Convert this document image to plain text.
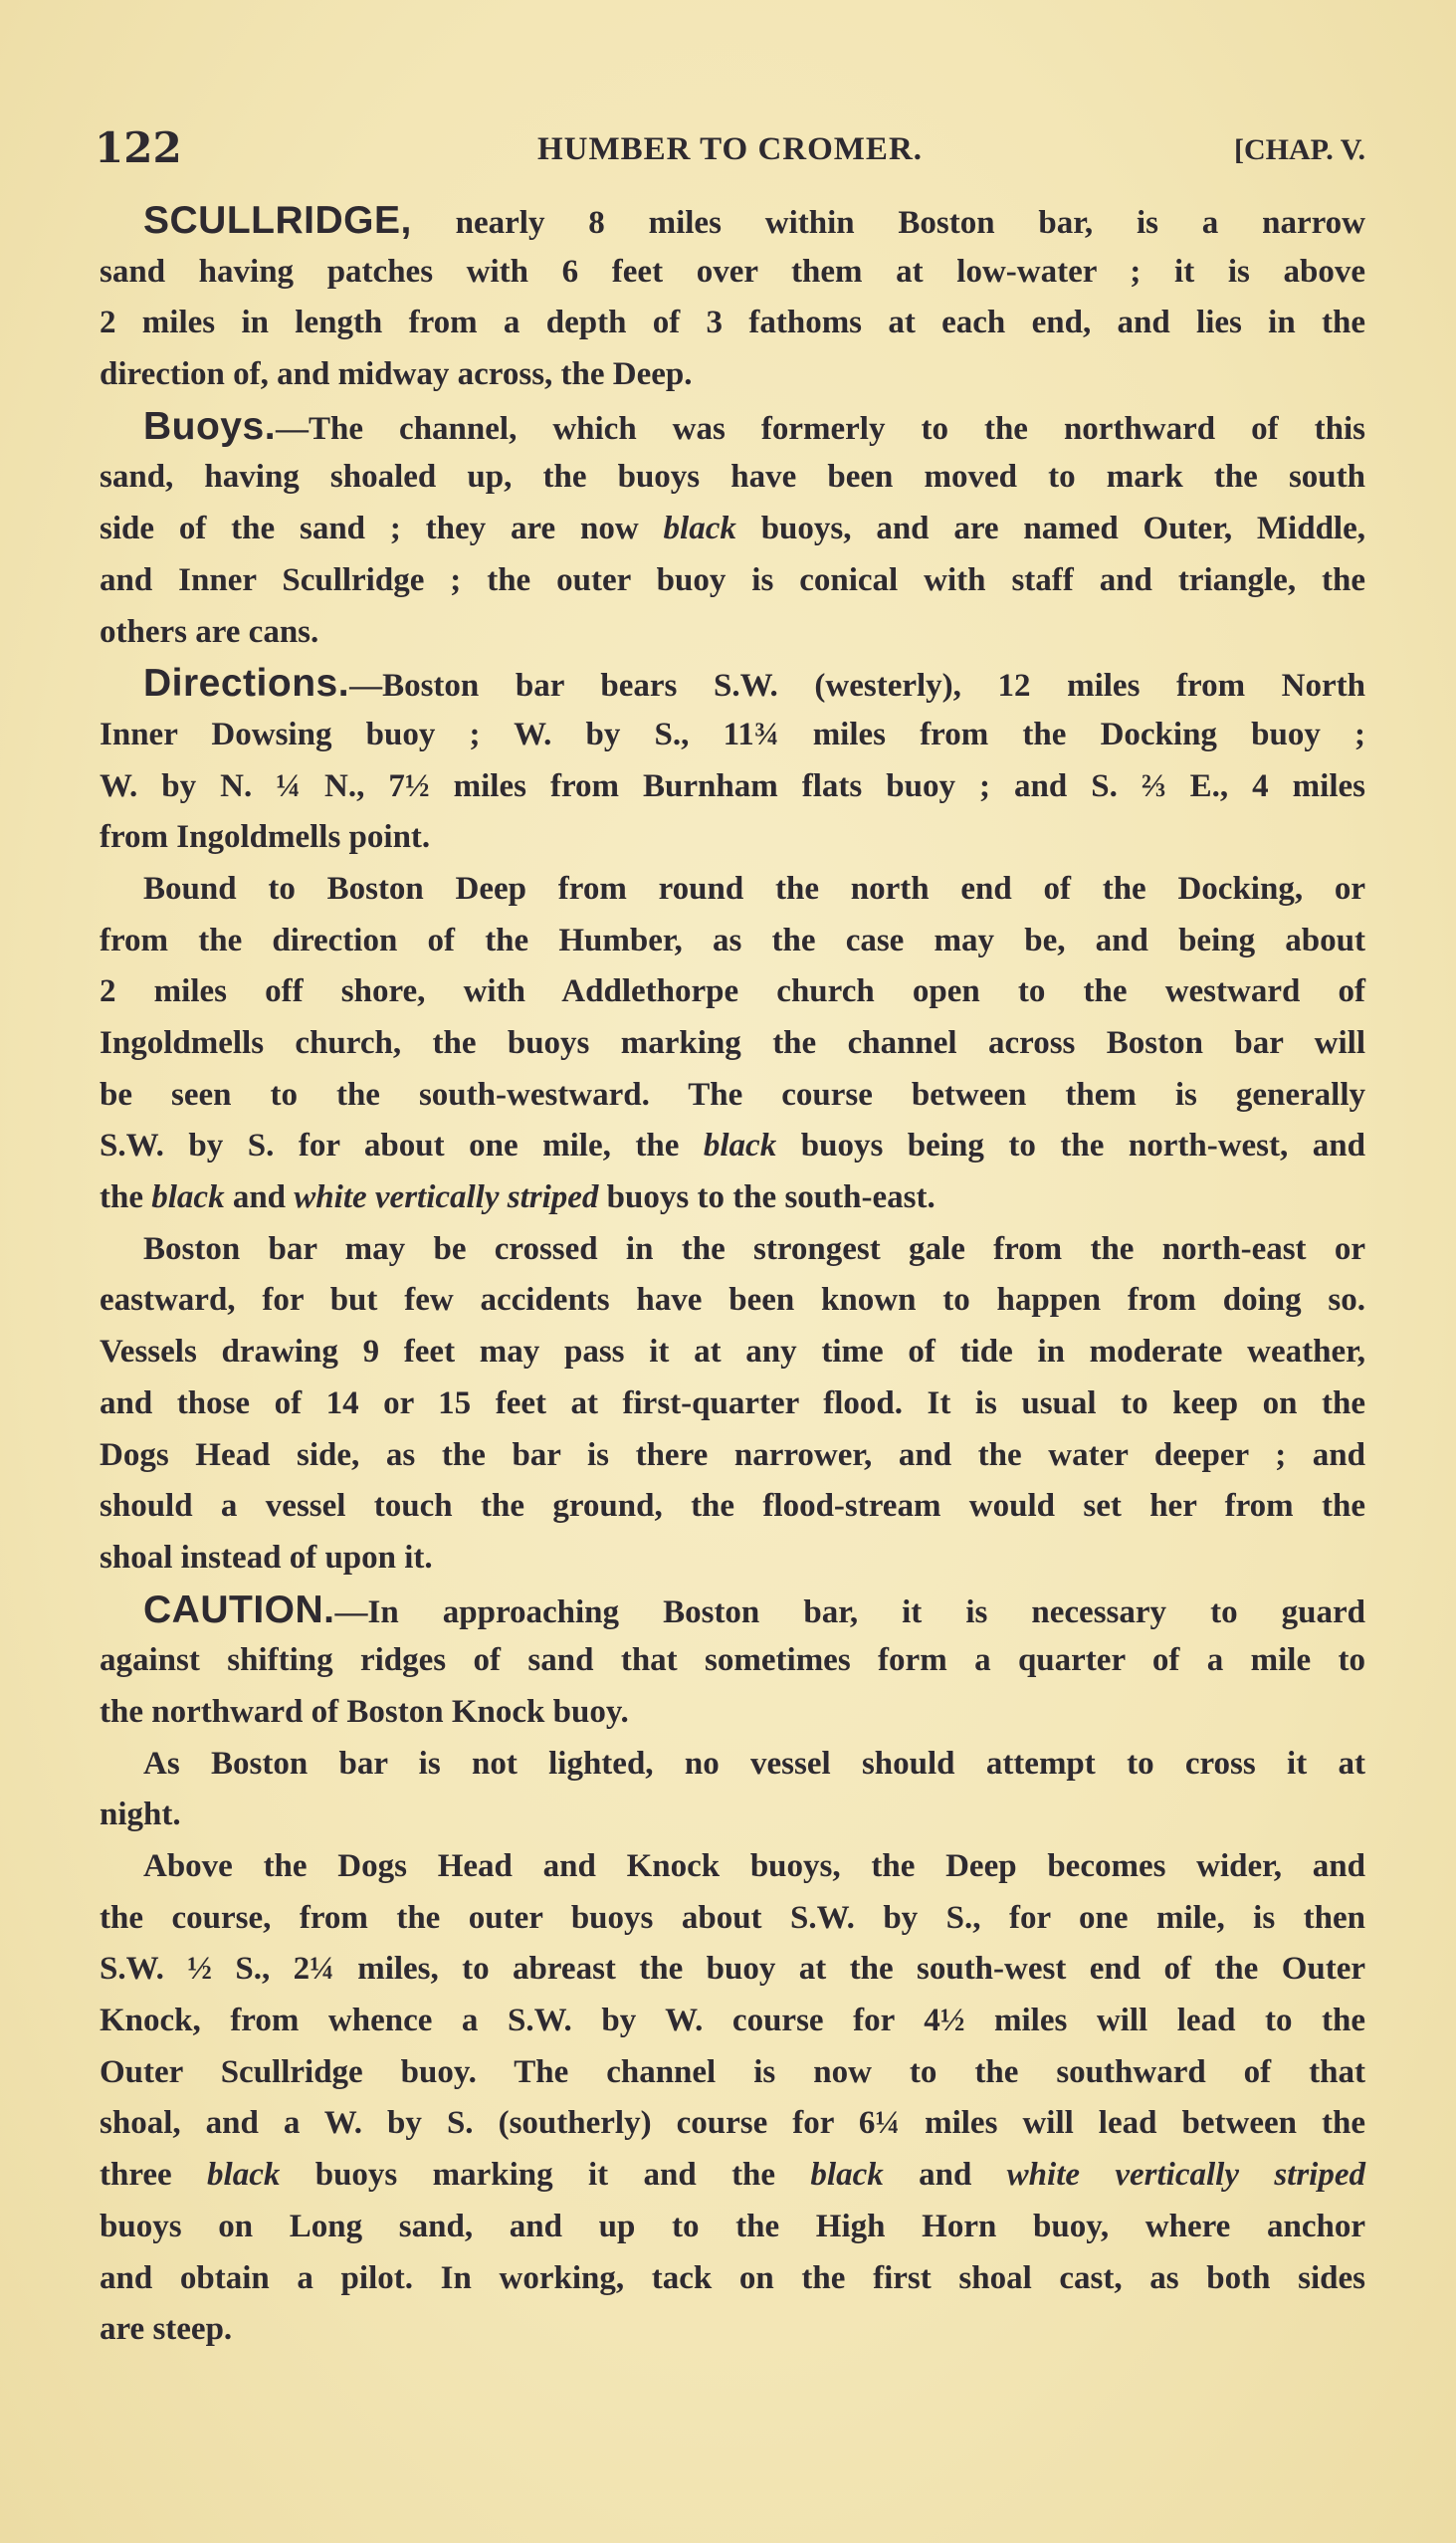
122	HUMBER TO CROMER.	[CHAP. V.
SCULLRIDGE, nearly 8 miles within Boston bar, is a narrow
sand having patches with 6 feet over them at low-water ; it is above
2 miles in length from a depth of 3 fathoms at each end, and lies in the
direction of, and midway across, the Deep.
Buoys.—The channel, which was formerly to the northward of this
sand, having shoaled up, the buoys have been moved to mark the south
side of the sand ; they are now black buoys, and are named Outer, Middle,
and Inner Scullridge ; the outer buoy is conical with staff and triangle, the
others are cans.
Directions.—Boston bar bears S.W. (westerly), 12 miles from North
Inner Dowsing buoy ; W. by S., 11¾ miles from the Docking buoy ;
W. by N. ¼ N., 7½ miles from Burnham flats buoy ; and S. ⅔ E., 4 miles
from Ingoldmells point.
Bound to Boston Deep from round the north end of the Docking, or
from the direction of the Humber, as the case may be, and being about
2 miles off shore, with Addlethorpe church open to the westward of
Ingoldmells church, the buoys marking the channel across Boston bar will
be seen to the south-westward. The course between them is generally
S.W. by S. for about one mile, the black buoys being to the north-west, and
the black and white vertically striped buoys to the south-east.
Boston bar may be crossed in the strongest gale from the north-east or
eastward, for but few accidents have been known to happen from doing so.
Vessels drawing 9 feet may pass it at any time of tide in moderate weather,
and those of 14 or 15 feet at first-quarter flood. It is usual to keep on the
Dogs Head side, as the bar is there narrower, and the water deeper ; and
should a vessel touch the ground, the flood-stream would set her from the
shoal instead of upon it.
CAUTION.—In approaching Boston bar, it is necessary to guard
against shifting ridges of sand that sometimes form a quarter of a mile to
the northward of Boston Knock buoy.
As Boston bar is not lighted, no vessel should attempt to cross it at
night.
Above the Dogs Head and Knock buoys, the Deep becomes wider, and
the course, from the outer buoys about S.W. by S., for one mile, is then
S.W. ½ S., 2¼ miles, to abreast the buoy at the south-west end of the Outer
Knock, from whence a S.W. by W. course for 4½ miles will lead to the
Outer Scullridge buoy. The channel is now to the southward of that
shoal, and a W. by S. (southerly) course for 6¼ miles will lead between the
three black buoys marking it and the black and white vertically striped
buoys on Long sand, and up to the High Horn buoy, where anchor
and obtain a pilot. In working, tack on the first shoal cast, as both sides
are steep.
